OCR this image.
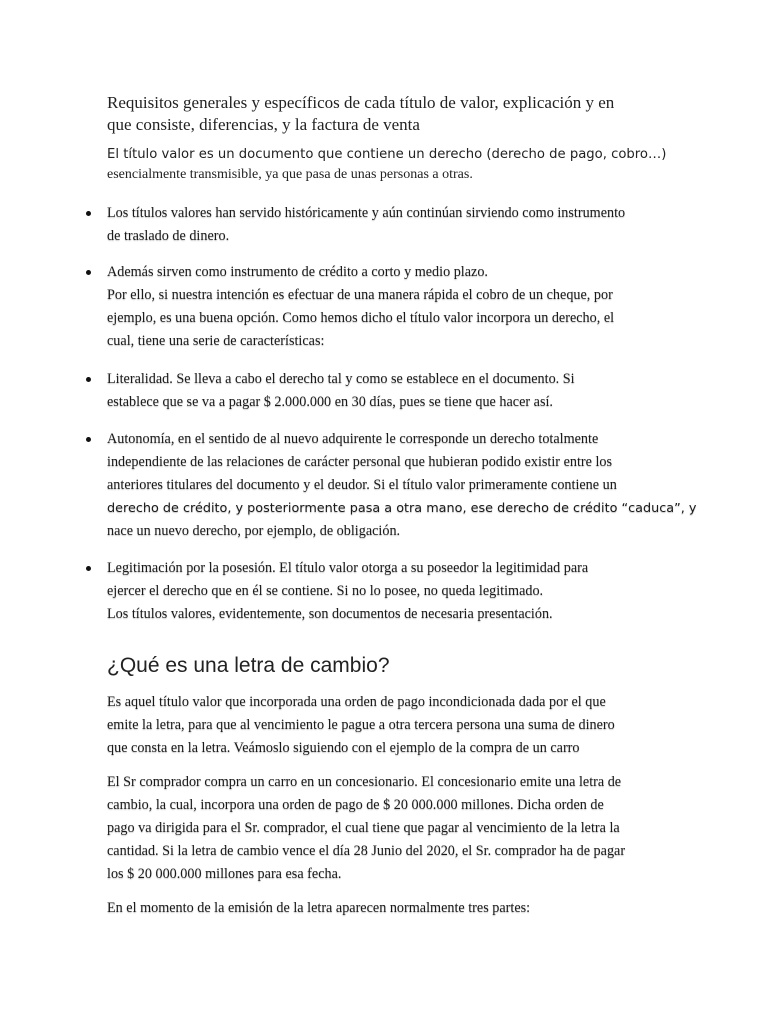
Requisitos generales y específicos de cada título de valor, explicación y en
que consiste, diferencias, y la factura de venta
El título valor es un documento que contiene un derecho (derecho de pago, cobro…)
esencialmente transmisible, ya que pasa de unas personas a otras.
Los títulos valores han servido históricamente y aún continúan sirviendo como instrumento
de traslado de dinero.
Además sirven como instrumento de crédito a corto y medio plazo.
Por ello, si nuestra intención es efectuar de una manera rápida el cobro de un cheque, por
ejemplo, es una buena opción. Como hemos dicho el título valor incorpora un derecho, el
cual, tiene una serie de características:
Literalidad. Se lleva a cabo el derecho tal y como se establece en el documento. Si
establece que se va a pagar $ 2.000.000 en 30 días, pues se tiene que hacer así.
Autonomía, en el sentido de al nuevo adquirente le corresponde un derecho totalmente
independiente de las relaciones de carácter personal que hubieran podido existir entre los
anteriores titulares del documento y el deudor. Si el título valor primeramente contiene un
derecho de crédito, y posteriormente pasa a otra mano, ese derecho de crédito “caduca”, y
nace un nuevo derecho, por ejemplo, de obligación.
Legitimación por la posesión. El título valor otorga a su poseedor la legitimidad para
ejercer el derecho que en él se contiene. Si no lo posee, no queda legitimado.
Los títulos valores, evidentemente, son documentos de necesaria presentación.
¿Qué es una letra de cambio?
Es aquel título valor que incorporada una orden de pago incondicionada dada por el que
emite la letra, para que al vencimiento le pague a otra tercera persona una suma de dinero
que consta en la letra. Veámoslo siguiendo con el ejemplo de la compra de un carro
El Sr comprador compra un carro en un concesionario. El concesionario emite una letra de
cambio, la cual, incorpora una orden de pago de $ 20 000.000 millones. Dicha orden de
pago va dirigida para el Sr. comprador, el cual tiene que pagar al vencimiento de la letra la
cantidad. Si la letra de cambio vence el día 28 Junio del 2020, el Sr. comprador ha de pagar
los $ 20 000.000 millones para esa fecha.
En el momento de la emisión de la letra aparecen normalmente tres partes:
